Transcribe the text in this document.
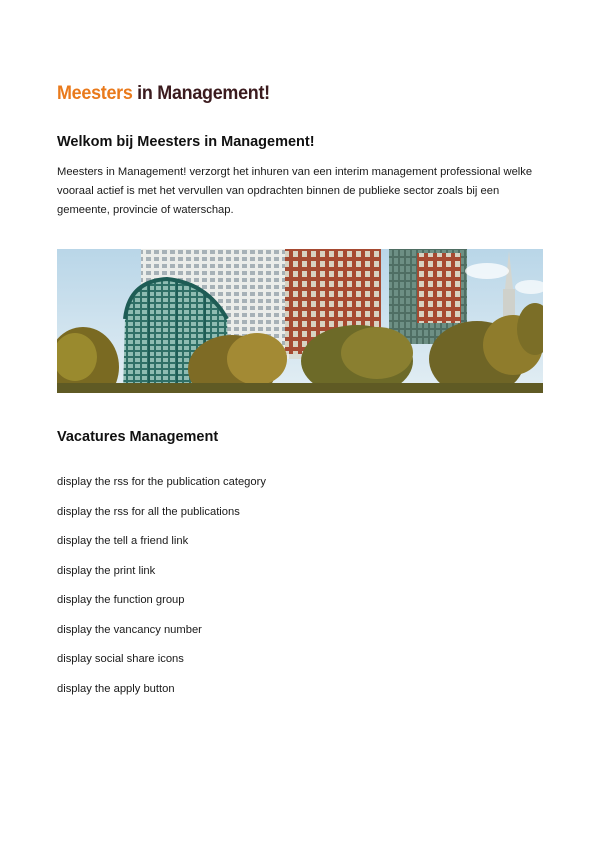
Meesters in Management!
Welkom bij Meesters in Management!

Meesters in Management! verzorgt het inhuren van een interim management professional welke vooraal actief is met het vervullen van opdrachten binnen de publieke sector zoals bij een gemeente, provincie of waterschap.

Vacatures Management
display the rss for the publication category
display the rss for all the publications
display the tell a friend link
display the print link
display the function group
display the vancancy number
display social share icons
display the apply button
